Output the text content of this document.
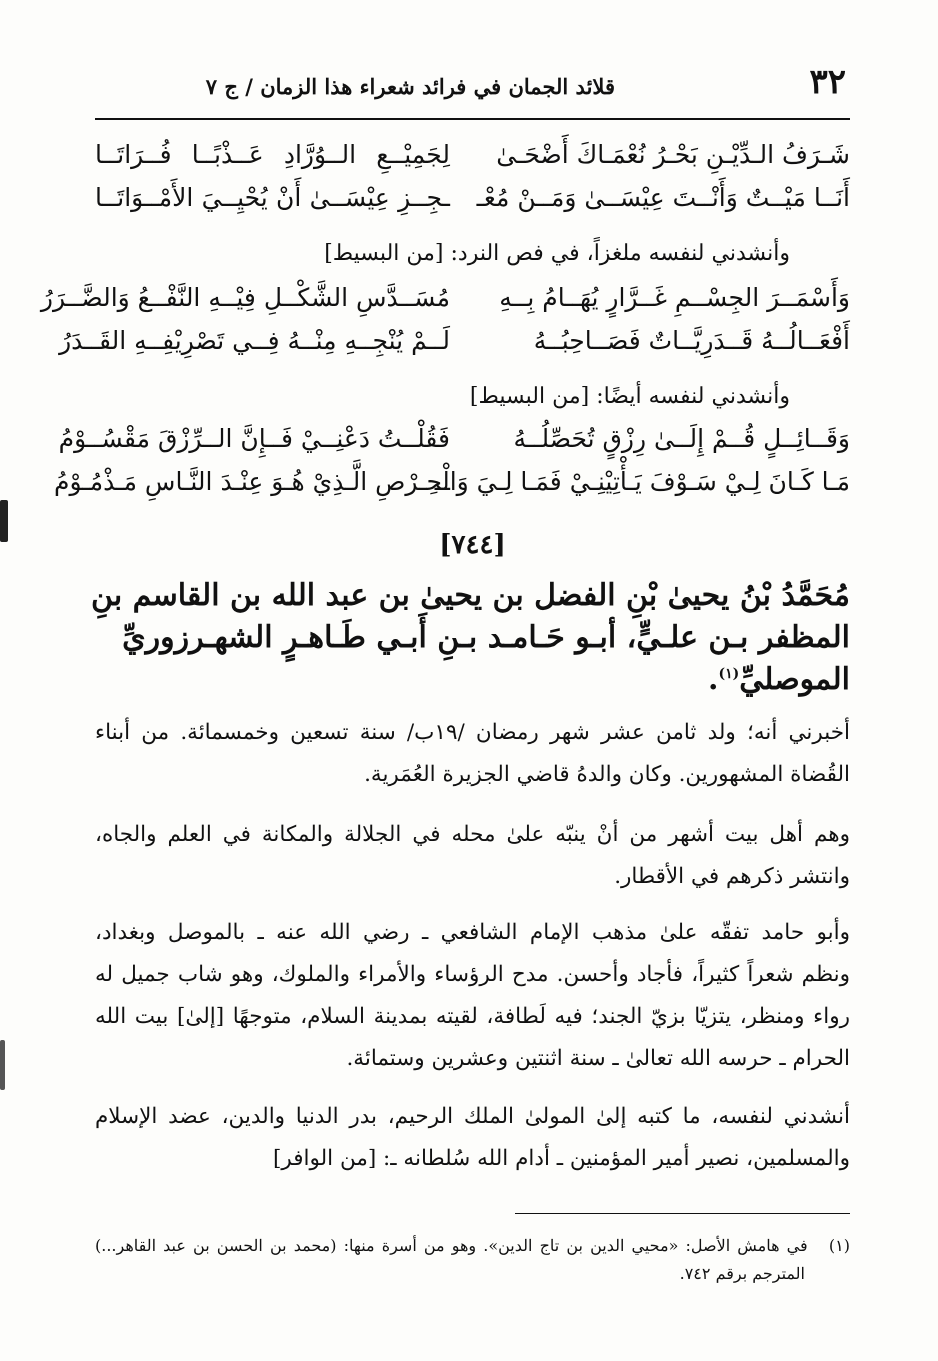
٣٢
قلائد الجمان في فرائد شعراء هذا الزمان / ج ٧
شَـرَفُ الـدِّيْـنِ بَحْـرُ نُعْمَـاكَ أَضْحَـىٰ
لِجَمِيْــعِ الــوُرَّادِ عَــذْبًــا فُــرَاتَــا
أَنَــا مَيْــتٌ وَأَنْــتَ عِيْسَــىٰ وَمَــنْ مُعْـ
ـجِــزِ عِيْسَــىٰ أَنْ يُحْيِــيَ الأَمْــوَاتَــا
وأنشدني لنفسه ملغزاً، في فص النرد: [من البسيط]
وَأَسْمَــرَ الجِسْــمِ غَــرَّارٍ يُهَــامُ بِــهِ
مُسَــدَّسِ الشَّكْــلِ فِيْــهِ النَّفْــعُ وَالضَّــرَرُ
أَفْعَــالُــهُ قَــدَرِيَّــاتٌ فَصَــاحِبُــهُ
لَــمْ يُنْجِــهِ مِنْــهُ فِــي تَصْرِيْفِــهِ القَــدَرُ
وأنشدني لنفسه أيضًا: [من البسيط]
وَقَــائِــلٍ قُــمْ إِلَــىٰ رِزْقٍ تُحَصِّلُــهُ
فَقُلْــتُ دَعْنِــيْ فَــإِنَّ الــرِّزْقَ مَقْسُــوْمُ
مَـا كَـانَ لِـيْ سَـوْفَ يَـأْتِيْنِـيْ فَمَـا لِـيَ وَالْـ
ـحِـرْصِ الَّـذِيْ هُـوَ عِنْـدَ النَّـاسِ مَـذْمُـوْمُ
[٧٤٤]
مُحَمَّدُ بْنُ يحيىٰ بْنِ الفضل بن يحيىٰ بن عبد الله بن القاسم بنِ
المظفر بـن علـيٍّ، أبـو حَـامـد بـنِ أَبـي طَـاهـرٍ الشهـرزوريِّ
الموصليِّ$^{(١)}$.
أخبرني أنه؛ ولد ثامن عشر شهر رمضان /١٩ب/ سنة تسعين وخمسمائة. من أبناء
القُضاة المشهورين. وكان والدهُ قاضي الجزيرة العُمَرية.
وهم أهل بيت أشهر من أنْ ينبّه علىٰ محله في الجلالة والمكانة في العلم والجاه،
وانتشر ذكرهم في الأقطار.
وأبو حامد تفقّه علىٰ مذهب الإمام الشافعي ـ رضي الله عنه ـ بالموصل وبغداد،
ونظم شعراً كثيراً، فأجاد وأحسن. مدح الرؤساء والأمراء والملوك، وهو شاب جميل له
رواء ومنظر، يتزيّا بزيّ الجند؛ فيه لَطافة، لقيته بمدينة السلام، متوجهًا [إلىٰ] بيت الله
الحرام ـ حرسه الله تعالىٰ ـ سنة اثنتين وعشرين وستمائة.
أنشدني لنفسه، ما كتبه إلىٰ المولىٰ الملك الرحيم، بدر الدنيا والدين، عضد الإسلام
والمسلمين، نصير أمير المؤمنين ـ أدام الله سُلطانه ـ: [من الوافر]
(١)   في هامش الأصل: «محيي الدين بن تاج الدين». وهو من أسرة منها: (محمد بن الحسن بن عبد القاهر...)
المترجم برقم ٧٤٢.
